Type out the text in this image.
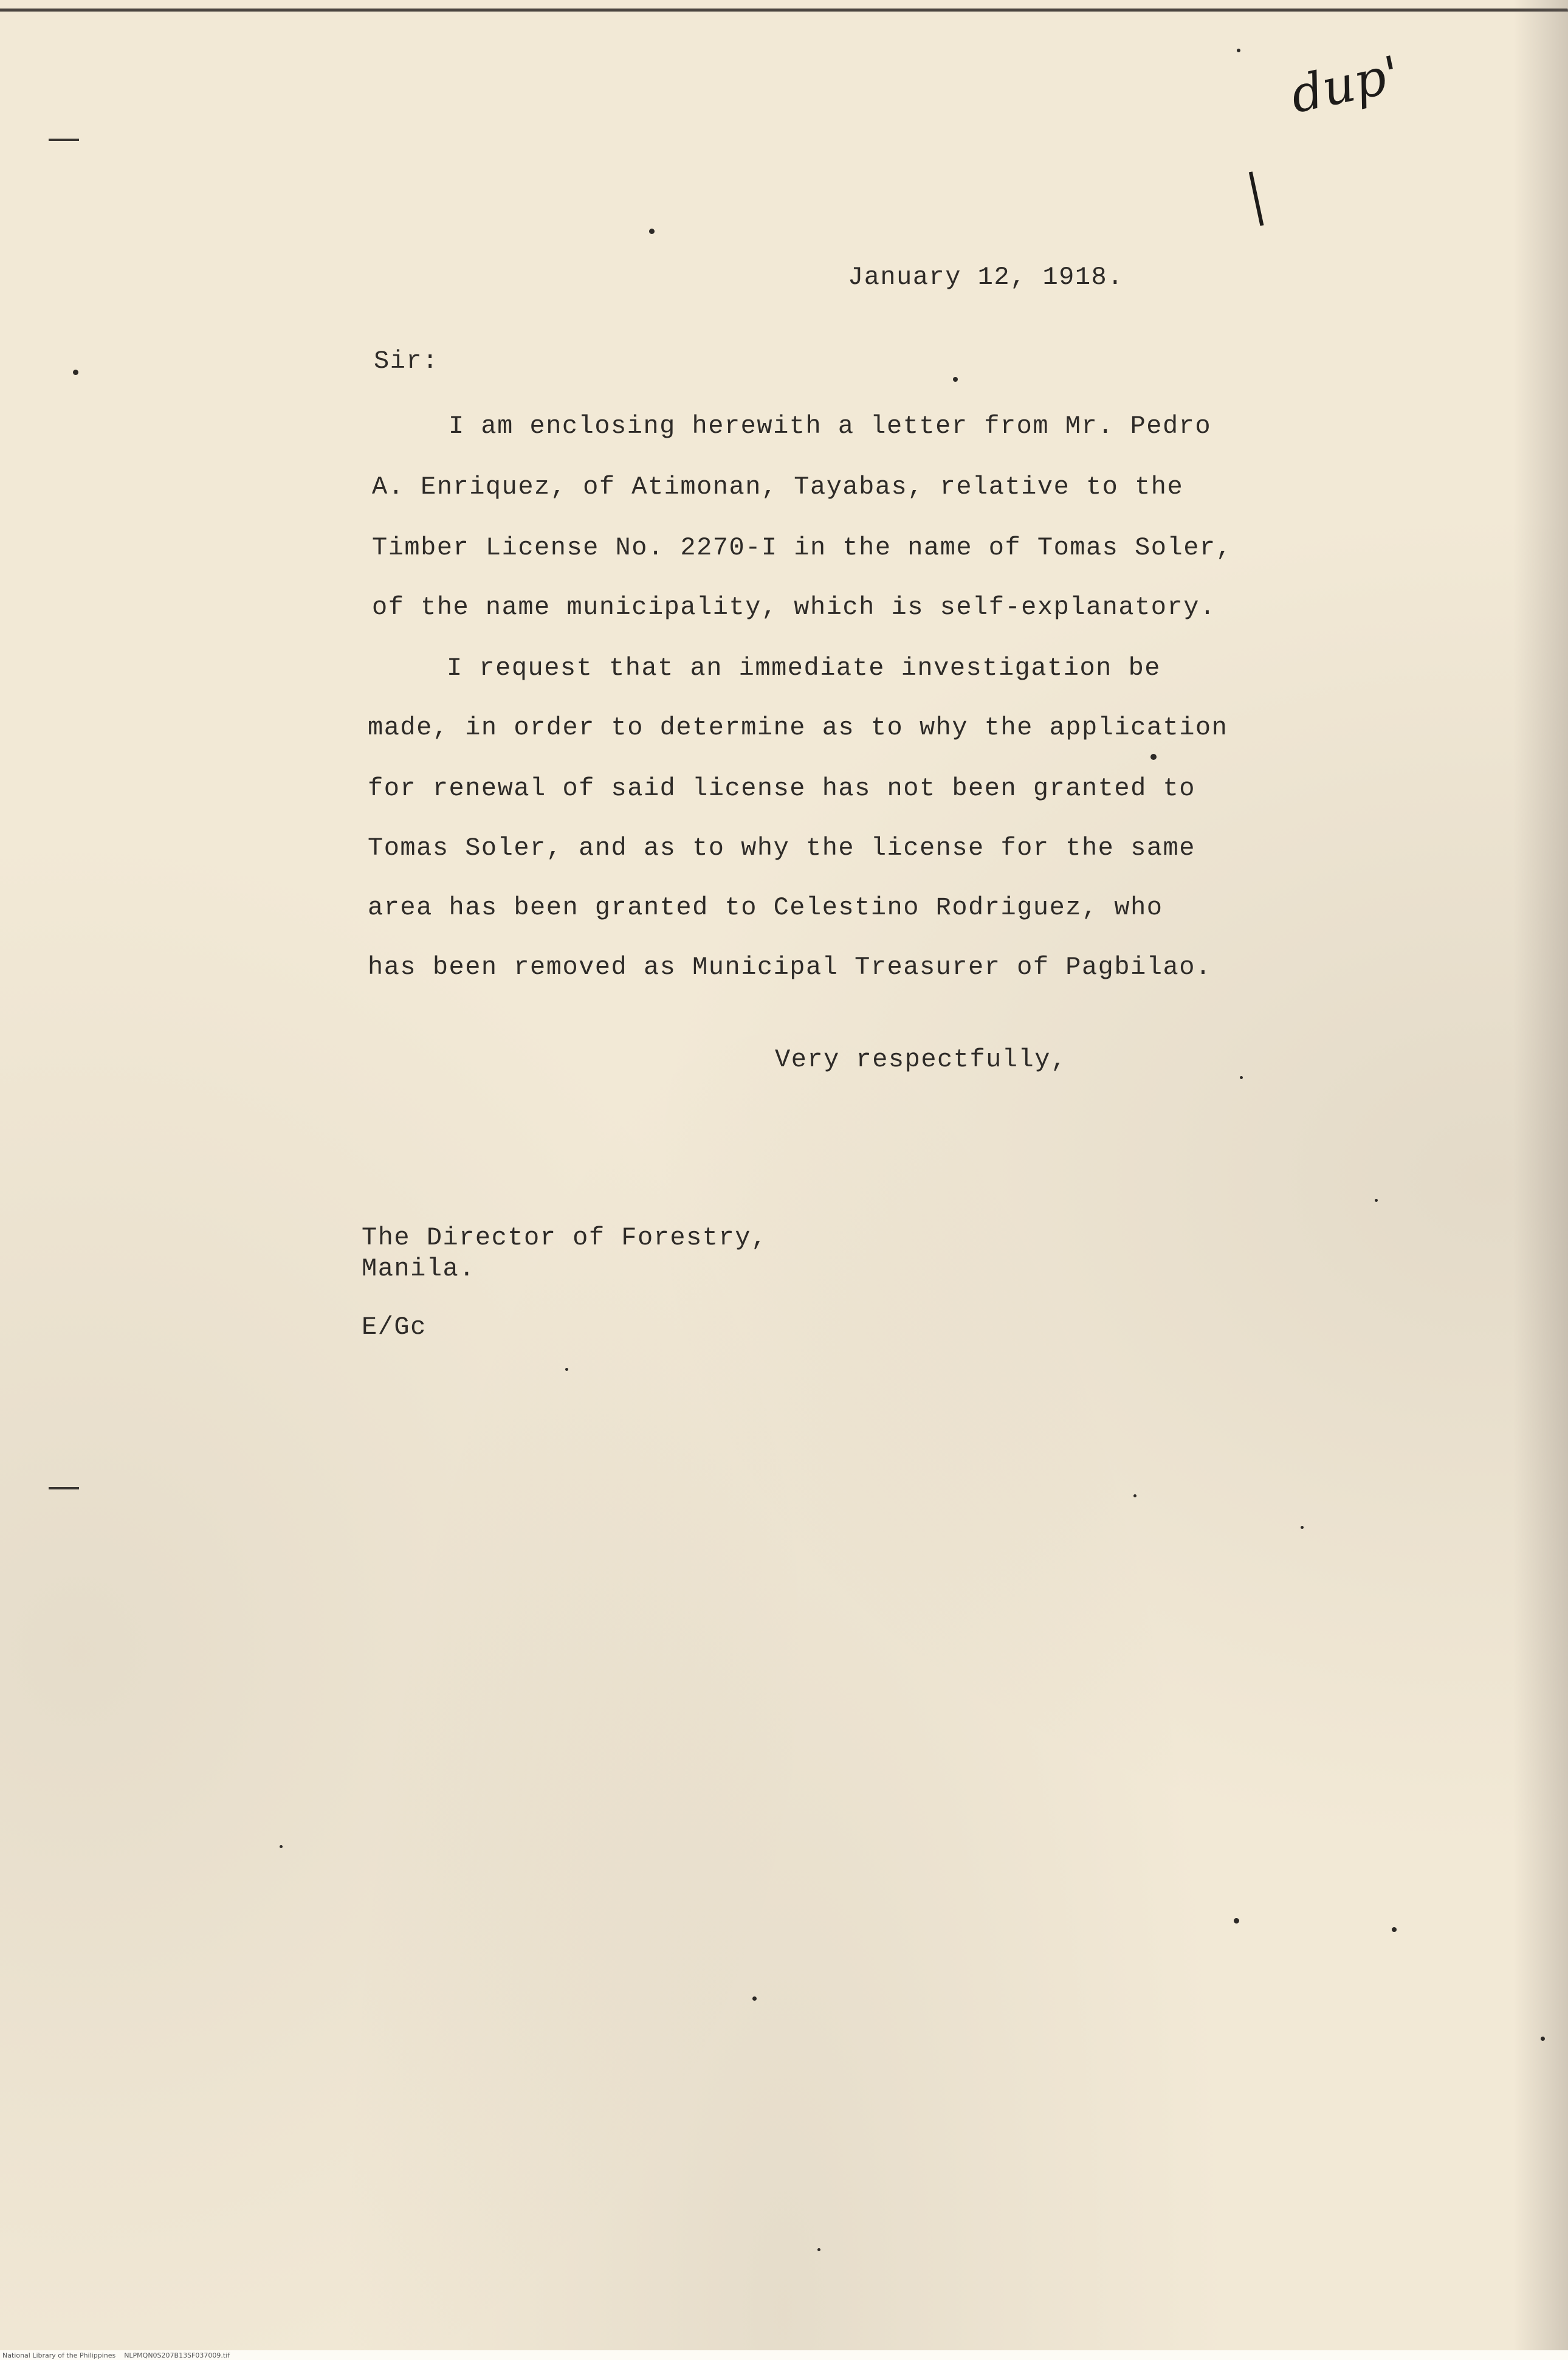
dup'
January 12, 1918.
Sir:
I am enclosing herewith a letter from Mr. Pedro
A. Enriquez, of Atimonan, Tayabas, relative to the
Timber License No. 2270-I in the name of Tomas Soler,
of the name municipality, which is self-explanatory.
I request that an immediate investigation be
made, in order to determine as to why the application
for renewal of said license has not been granted to
Tomas Soler, and as to why the license for the same
area has been granted to Celestino Rodriguez, who
has been removed as Municipal Treasurer of Pagbilao.
Very respectfully,
The Director of Forestry,
Manila.
E/Gc
National Library of the Philippines    NLPMQN0S207B13SF037009.tif
